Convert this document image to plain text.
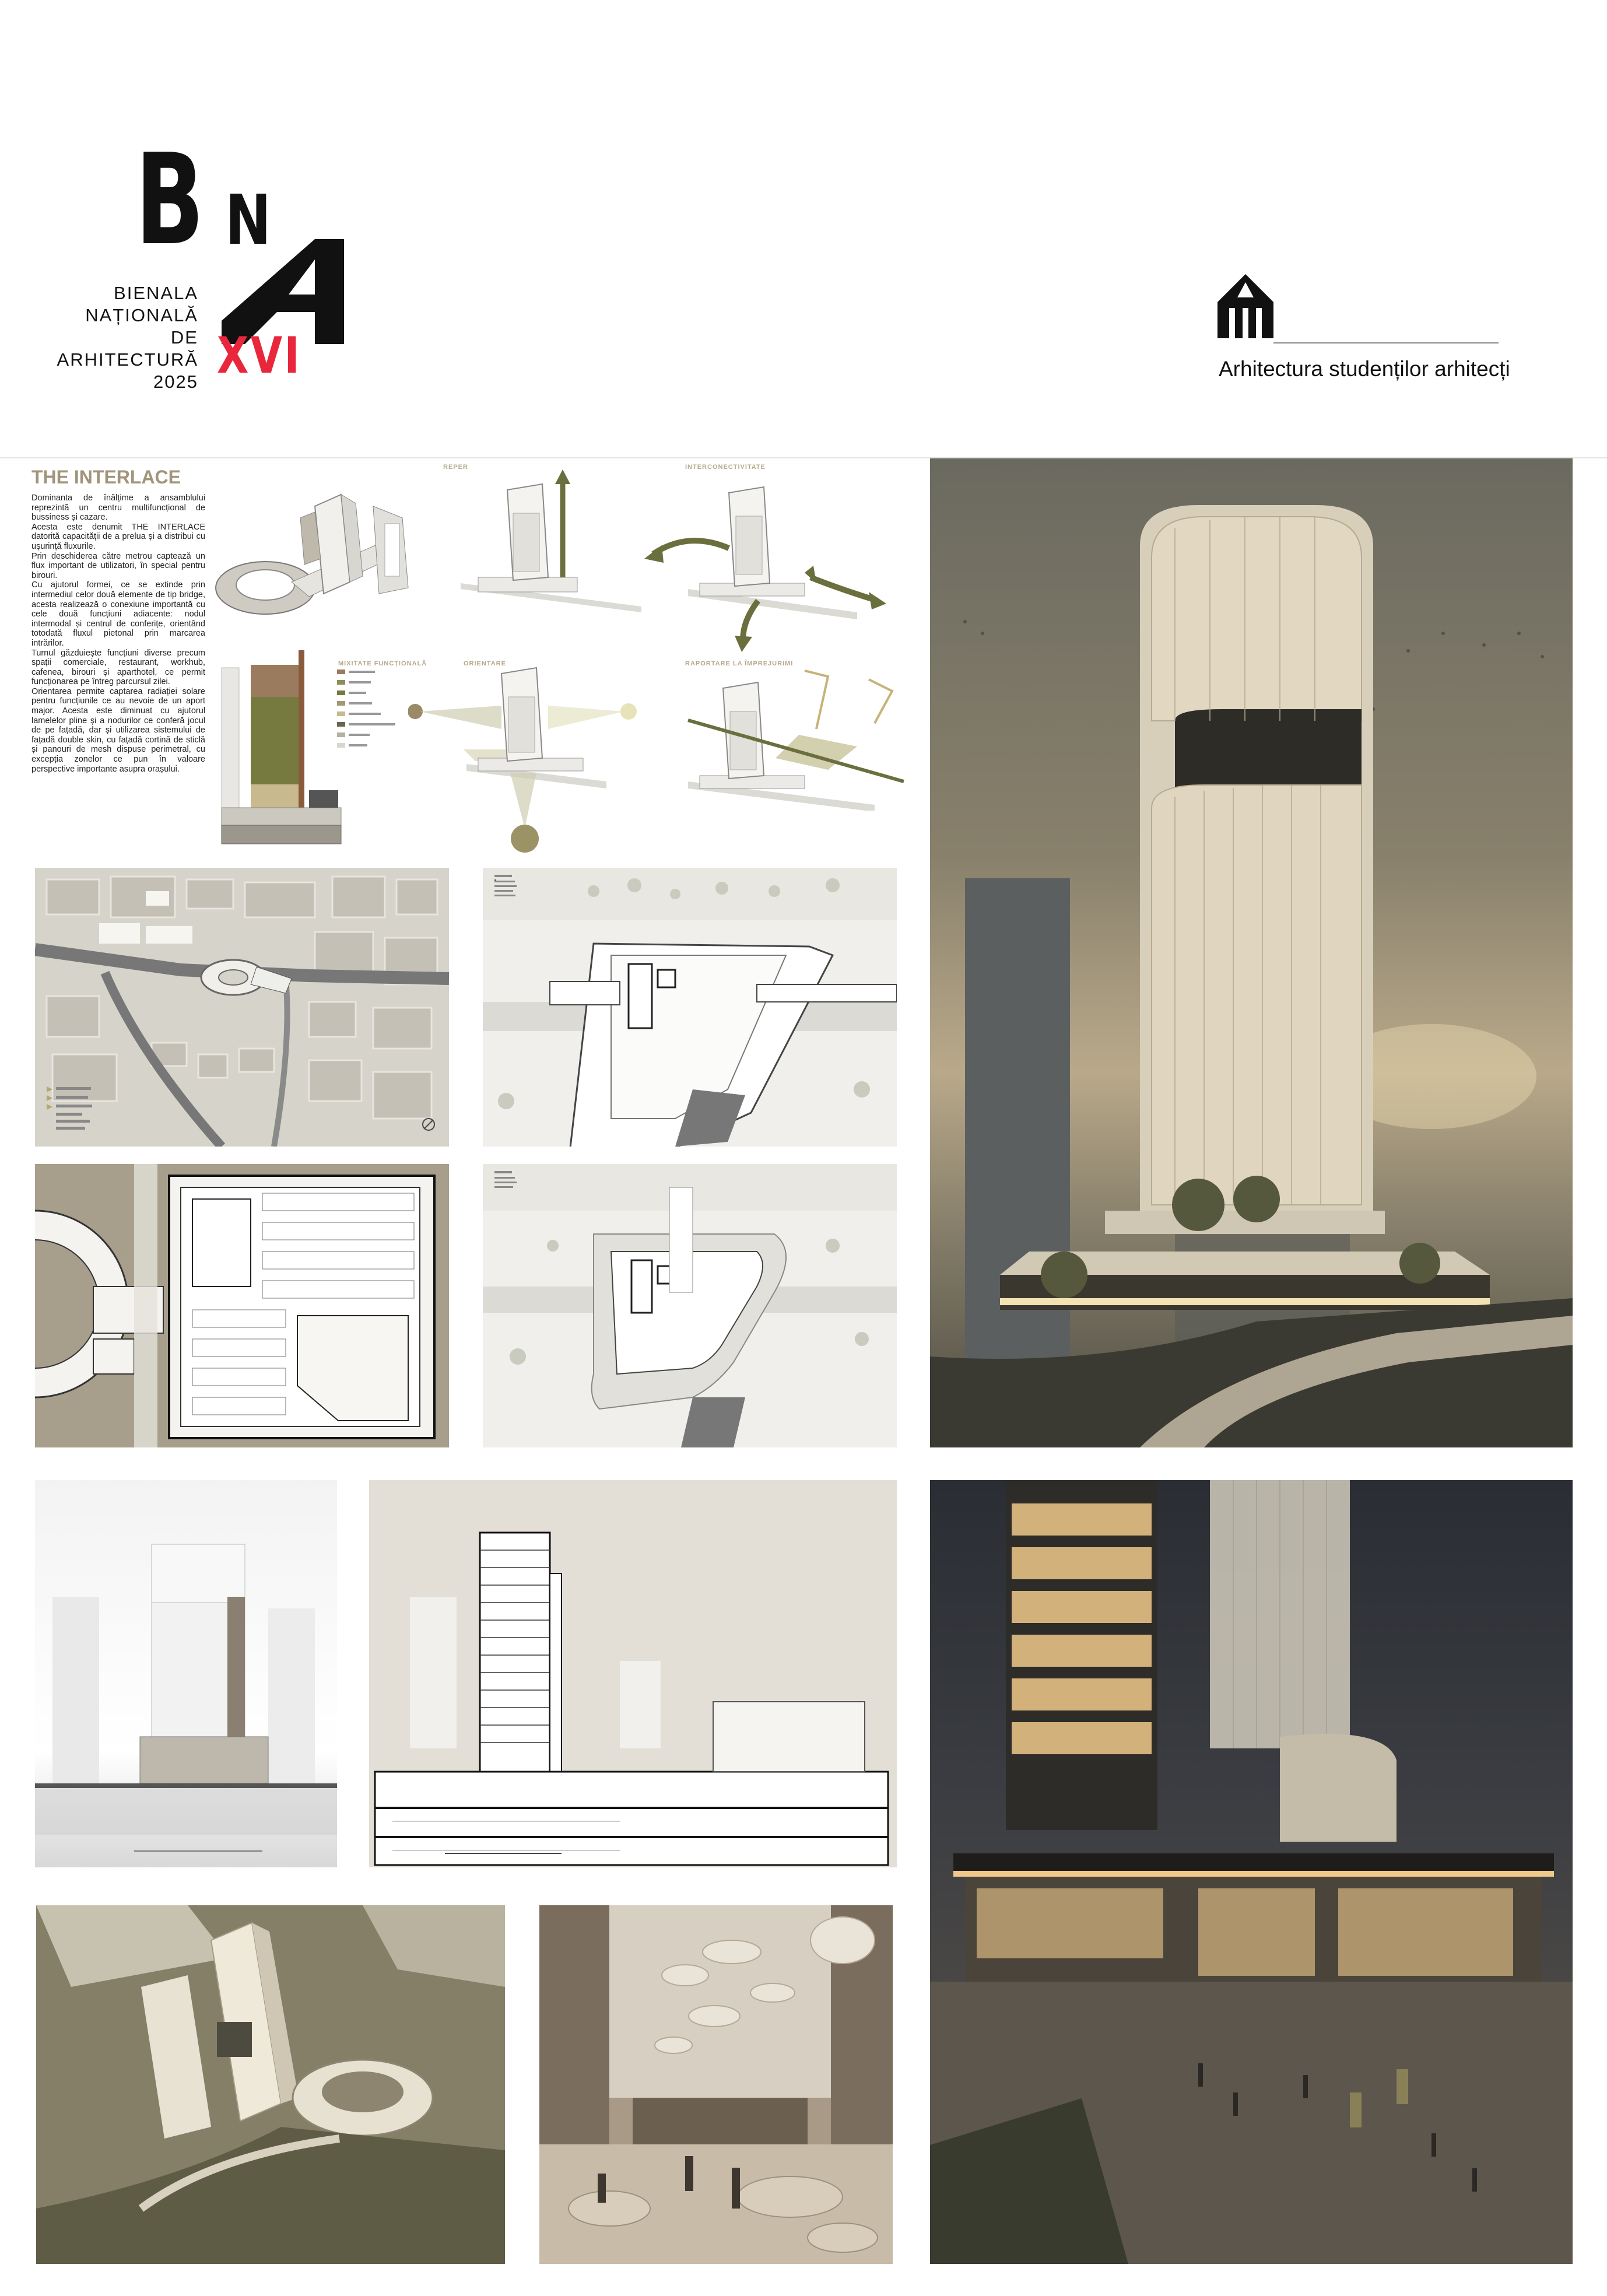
B N
BIENALA
NAȚIONALĂ
DE
ARHITECTURĂ
2025 XVI	Arhitectura studenților arhitecți
THE INTERLACE

Dominanta de înălțime a ansamblului reprezintă un centru multifuncțional de bussiness și cazare.

Acesta este denumit THE INTERLACE datorită capacității de a prelua și a distribui cu ușurință fluxurile.

Prin deschiderea către metrou captează un flux important de utilizatori, în special pentru birouri.

Cu ajutorul formei, ce se extinde prin intermediul celor două elemente de tip bridge, acesta realizează o conexiune importantă cu cele două funcțiuni adiacente: nodul intermodal și centrul de conferițe, orientând totodată fluxul pietonal prin marcarea intrărilor.

Turnul găzduiește funcțiuni diverse precum spații comerciale, restaurant, workhub, cafenea, birouri și aparthotel, ce permit funcționarea pe întreg parcursul zilei.

Orientarea permite captarea radiației solare pentru funcțiunile ce au nevoie de un aport major. Acesta este diminuat cu ajutorul lamelelor pline și a nodurilor ce conferă jocul de pe fațadă, dar și utilizarea sistemului de fațadă double skin, cu fațadă cortină de sticlă și panouri de mesh dispuse perimetral, cu excepția zonelor ce pun în valoare perspective importante asupra orașului.

REPER	INTERCONECTIVITATE
MIXITATE FUNCȚIONALĂ	ORIENTARE	RAPORTARE LA ÎMPREJURIMI
